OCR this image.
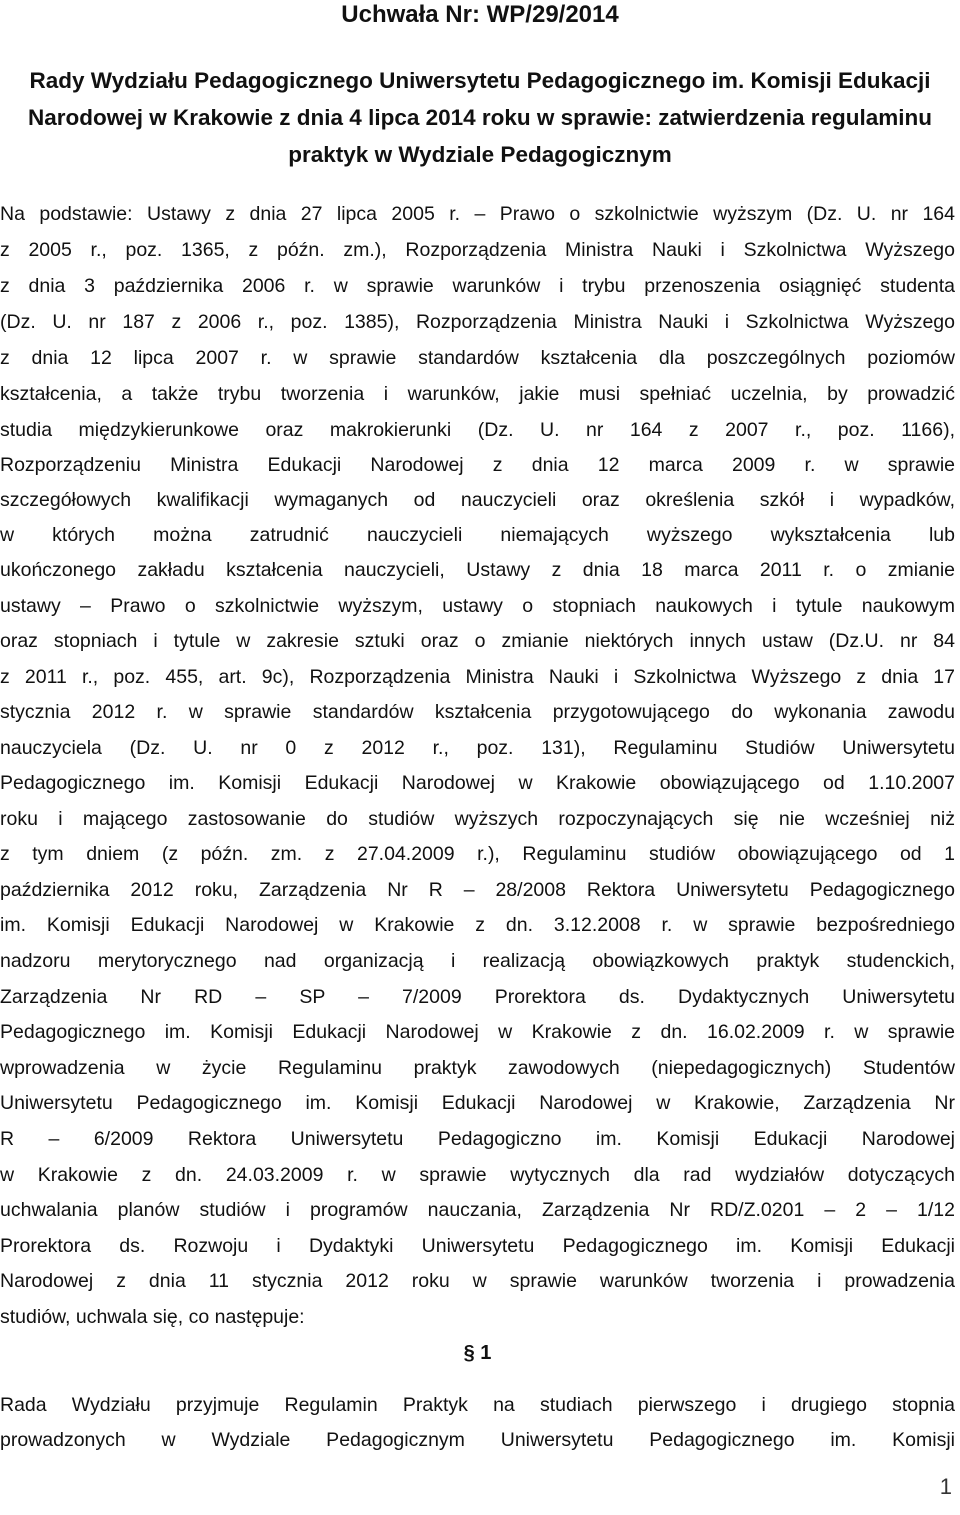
Uchwała Nr: WP/29/2014
Rady Wydziału Pedagogicznego Uniwersytetu Pedagogicznego im. Komisji Edukacji Narodowej w Krakowie z dnia 4 lipca 2014 roku w sprawie: zatwierdzenia regulaminu praktyk w Wydziale Pedagogicznym
Na podstawie: Ustawy z dnia 27 lipca 2005 r. – Prawo o szkolnictwie wyższym (Dz. U. nr 164
z 2005 r., poz. 1365, z późn. zm.), Rozporządzenia Ministra Nauki i Szkolnictwa Wyższego
z dnia 3 października 2006 r. w sprawie warunków i trybu przenoszenia osiągnięć studenta
(Dz. U. nr 187 z 2006 r., poz. 1385), Rozporządzenia Ministra Nauki i Szkolnictwa Wyższego
z dnia 12 lipca 2007 r. w sprawie standardów kształcenia dla poszczególnych poziomów
kształcenia, a także trybu tworzenia i warunków, jakie musi spełniać uczelnia, by prowadzić
studia międzykierunkowe oraz makrokierunki (Dz. U. nr 164 z 2007 r., poz. 1166),
Rozporządzeniu Ministra Edukacji Narodowej z dnia 12 marca 2009 r. w sprawie
szczegółowych kwalifikacji wymaganych od nauczycieli oraz określenia szkół i wypadków,
w których można zatrudnić nauczycieli niemających wyższego wykształcenia lub
ukończonego zakładu kształcenia nauczycieli, Ustawy z dnia 18 marca 2011 r. o zmianie
ustawy – Prawo o szkolnictwie wyższym, ustawy o stopniach naukowych i tytule naukowym
oraz stopniach i tytule w zakresie sztuki oraz o zmianie niektórych innych ustaw (Dz.U. nr 84
z 2011 r., poz. 455, art. 9c), Rozporządzenia Ministra Nauki i Szkolnictwa Wyższego z dnia 17
stycznia 2012 r. w sprawie standardów kształcenia przygotowującego do wykonania zawodu
nauczyciela (Dz. U. nr 0 z 2012 r., poz. 131), Regulaminu Studiów Uniwersytetu
Pedagogicznego im. Komisji Edukacji Narodowej w Krakowie obowiązującego od 1.10.2007
roku i mającego zastosowanie do studiów wyższych rozpoczynających się nie wcześniej niż
z tym dniem (z późn. zm. z 27.04.2009 r.), Regulaminu studiów obowiązującego od 1
października 2012 roku, Zarządzenia Nr R – 28/2008 Rektora Uniwersytetu Pedagogicznego
im. Komisji Edukacji Narodowej w Krakowie z dn. 3.12.2008 r. w sprawie bezpośredniego
nadzoru merytorycznego nad organizacją i realizacją obowiązkowych praktyk studenckich,
Zarządzenia Nr RD – SP – 7/2009 Prorektora ds. Dydaktycznych Uniwersytetu
Pedagogicznego im. Komisji Edukacji Narodowej w Krakowie z dn. 16.02.2009 r. w sprawie
wprowadzenia w życie Regulaminu praktyk zawodowych (niepedagogicznych) Studentów
Uniwersytetu Pedagogicznego im. Komisji Edukacji Narodowej w Krakowie, Zarządzenia Nr
R – 6/2009 Rektora Uniwersytetu Pedagogiczno im. Komisji Edukacji Narodowej
w Krakowie z dn. 24.03.2009 r. w sprawie wytycznych dla rad wydziałów dotyczących
uchwalania planów studiów i programów nauczania, Zarządzenia Nr RD/Z.0201 – 2 – 1/12
Prorektora ds. Rozwoju i Dydaktyki Uniwersytetu Pedagogicznego im. Komisji Edukacji
Narodowej z dnia 11 stycznia 2012 roku w sprawie warunków tworzenia i prowadzenia
studiów, uchwala się, co następuje:
§ 1
Rada Wydziału przyjmuje Regulamin Praktyk na studiach pierwszego i drugiego stopnia
prowadzonych w Wydziale Pedagogicznym Uniwersytetu Pedagogicznego im. Komisji
1
